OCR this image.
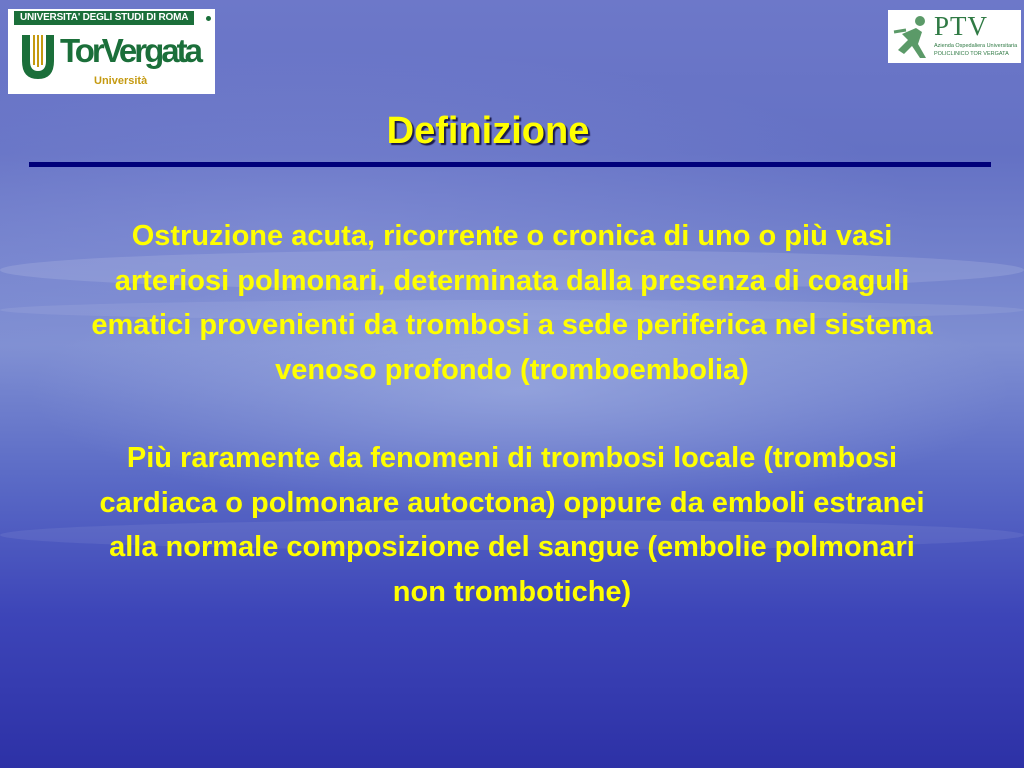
UNIVERSITA' DEGLI STUDI DI ROMA
TorVergata
Università
PTV
Azienda Ospedaliera Universitaria
POLICLINICO TOR VERGATA
Definizione

Ostruzione acuta, ricorrente o cronica di uno o più vasi arteriosi polmonari, determinata dalla presenza di coaguli ematici provenienti da trombosi a sede periferica nel sistema venoso profondo (tromboembolia)

Più raramente da fenomeni di trombosi locale (trombosi cardiaca o polmonare autoctona) oppure da emboli estranei alla normale composizione del sangue (embolie polmonari non trombotiche)
